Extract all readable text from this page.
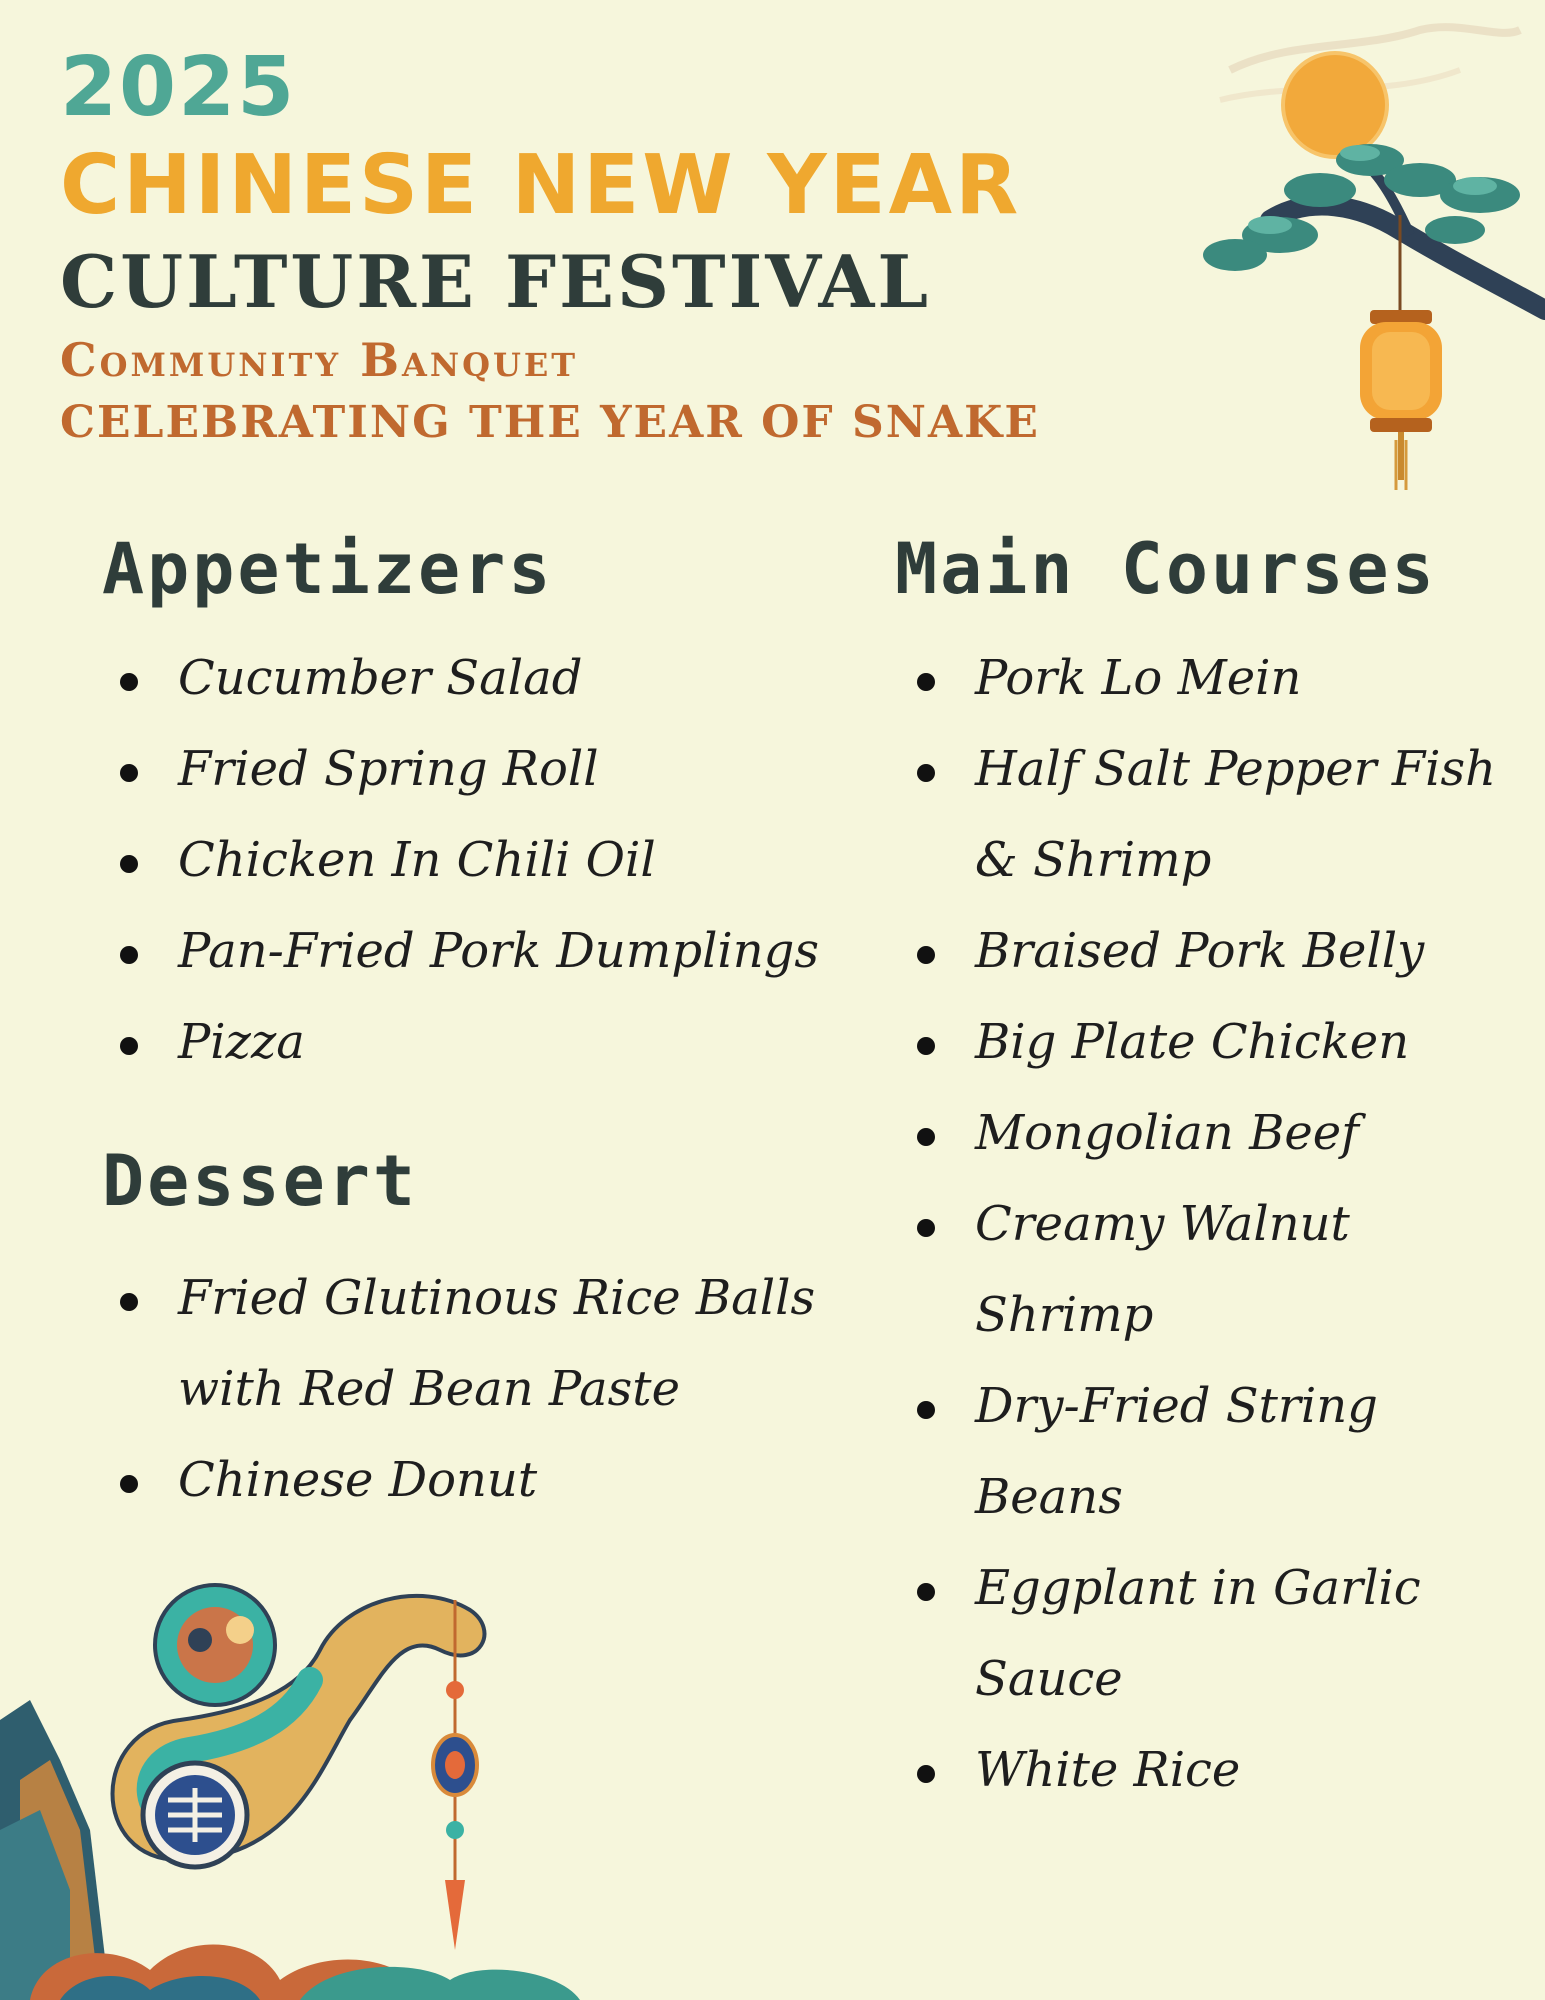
2025
CHINESE NEW YEAR
CULTURE FESTIVAL
Community Banquet
CELEBRATING THE YEAR OF SNAKE
Appetizers
Cucumber Salad
Fried Spring Roll
Chicken In Chili Oil
Pan-Fried Pork Dumplings
Pizza
Dessert
Fried Glutinous Rice Balls
with Red Bean Paste
Chinese Donut
Main Courses
Pork Lo Mein
Half Salt Pepper Fish
& Shrimp
Braised Pork Belly
Big Plate Chicken
Mongolian Beef
Creamy Walnut
Shrimp
Dry-Fried String
Beans
Eggplant in Garlic
Sauce
White Rice
